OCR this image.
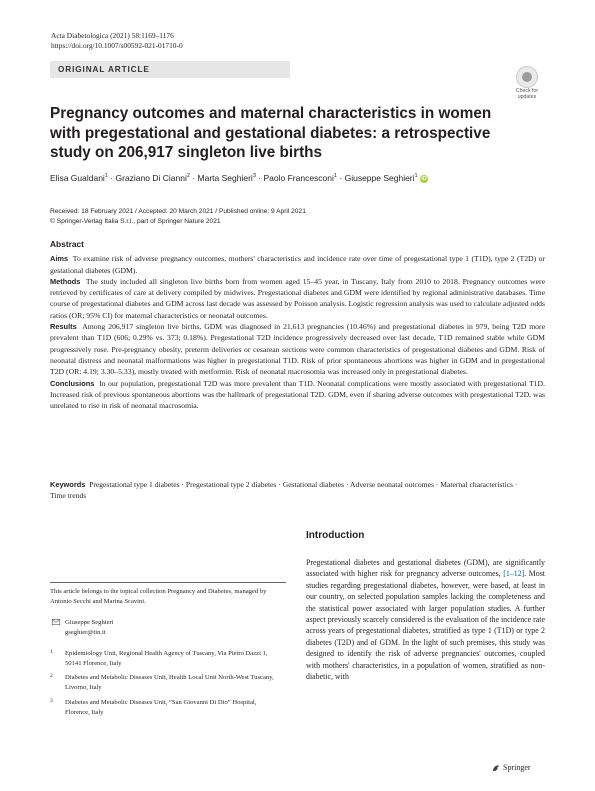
Acta Diabetologica (2021) 58:1169–1176
https://doi.org/10.1007/s00592-021-01710-0
ORIGINAL ARTICLE
Check for
updates
Pregnancy outcomes and maternal characteristics in women with pregestational and gestational diabetes: a retrospective study on 206,917 singleton live births
Elisa Gualdani$^1$ · Graziano Di Cianni$^2$ · Marta Seghieri$^3$ · Paolo Francesconi$^1$ · Giuseppe Seghieri$^1$ iD
Received: 18 February 2021 / Accepted: 20 March 2021 / Published online: 9 April 2021
© Springer-Verlag Italia S.r.l., part of Springer Nature 2021
Abstract

Aims To examine risk of adverse pregnancy outcomes, mothers' characteristics and incidence rate over time of pregestational type 1 (T1D), type 2 (T2D) or gestational diabetes (GDM).

Methods The study included all singleton live births born from women aged 15–45 year, in Tuscany, Italy from 2010 to 2018. Pregnancy outcomes were retrieved by certificates of care at delivery compiled by midwives. Pregestational diabetes and GDM were identified by regional administrative databases. Time course of pregestational diabetes and GDM across last decade was assessed by Poisson analysis. Logistic regression analysis was used to calculate adjusted odds ratios (OR; 95% CI) for maternal characteristics or neonatal outcomes.

Results Among 206,917 singleton live births, GDM was diagnosed in 21,613 pregnancies (10.46%) and pregestational diabetes in 979, being T2D more prevalent than T1D (606; 0.29% vs. 373; 0.18%). Pregestational T2D incidence progressively decreased over last decade, T1D remained stable while GDM progressively rose. Pre-pregnancy obesity, preterm deliveries or cesarean sections were common characteristics of pregestational diabetes and GDM. Risk of neonatal distress and neonatal malformations was higher in pregestational T1D. Risk of prior spontaneous abortions was higher in GDM and in pregestational T2D (OR: 4.19; 3.30–5.33), mostly treated with metformin. Risk of neonatal macrosomia was increased only in pregestational diabetes.

Conclusions In our population, pregestational T2D was more prevalent than T1D. Neonatal complications were mostly associated with pregestational T1D. Increased risk of previous spontaneous abortions was the hallmark of pregestational T2D. GDM, even if sharing adverse outcomes with pregestational T2D, was unrelated to rise in risk of neonatal macrosomia.

Keywords Pregestational type 1 diabetes · Pregestational type 2 diabetes · Gestational diabetes · Adverse neonatal outcomes · Maternal characteristics · Time trends
Introduction

Pregestational diabetes and gestational diabetes (GDM), are significantly associated with higher risk for pregnancy adverse outcomes, [1–12]. Most studies regarding pregestational diabetes, however, were based, at least in our country, on selected population samples lacking the completeness and the statistical power associated with larger population studies. A further aspect previously scarcely considered is the evaluation of the incidence rate across years of pregestational diabetes, stratified as type 1 (T1D) or type 2 diabetes (T2D) and of GDM. In the light of such premises, this study was designed to identify the risk of adverse pregnancies' outcomes, coupled with mothers' characteristics, in a population of women, stratified as non-diabetic, with

This article belongs to the topical collection Pregnancy and Diabetes, managed by Antonio Secchi and Marina Scavini.
Giuseppe Seghieri
gseghier@tin.it
1 Epidemiology Unit, Regional Health Agency of Tuscany, Via Pietro Dazzi 1, 50141 Florence, Italy
2 Diabetes and Metabolic Diseases Unit, Health Local Unit North-West Tuscany, Livorno, Italy
3 Diabetes and Metabolic Diseases Unit, “San Giovanni Di Dio” Hospital, Florence, Italy
Springer
